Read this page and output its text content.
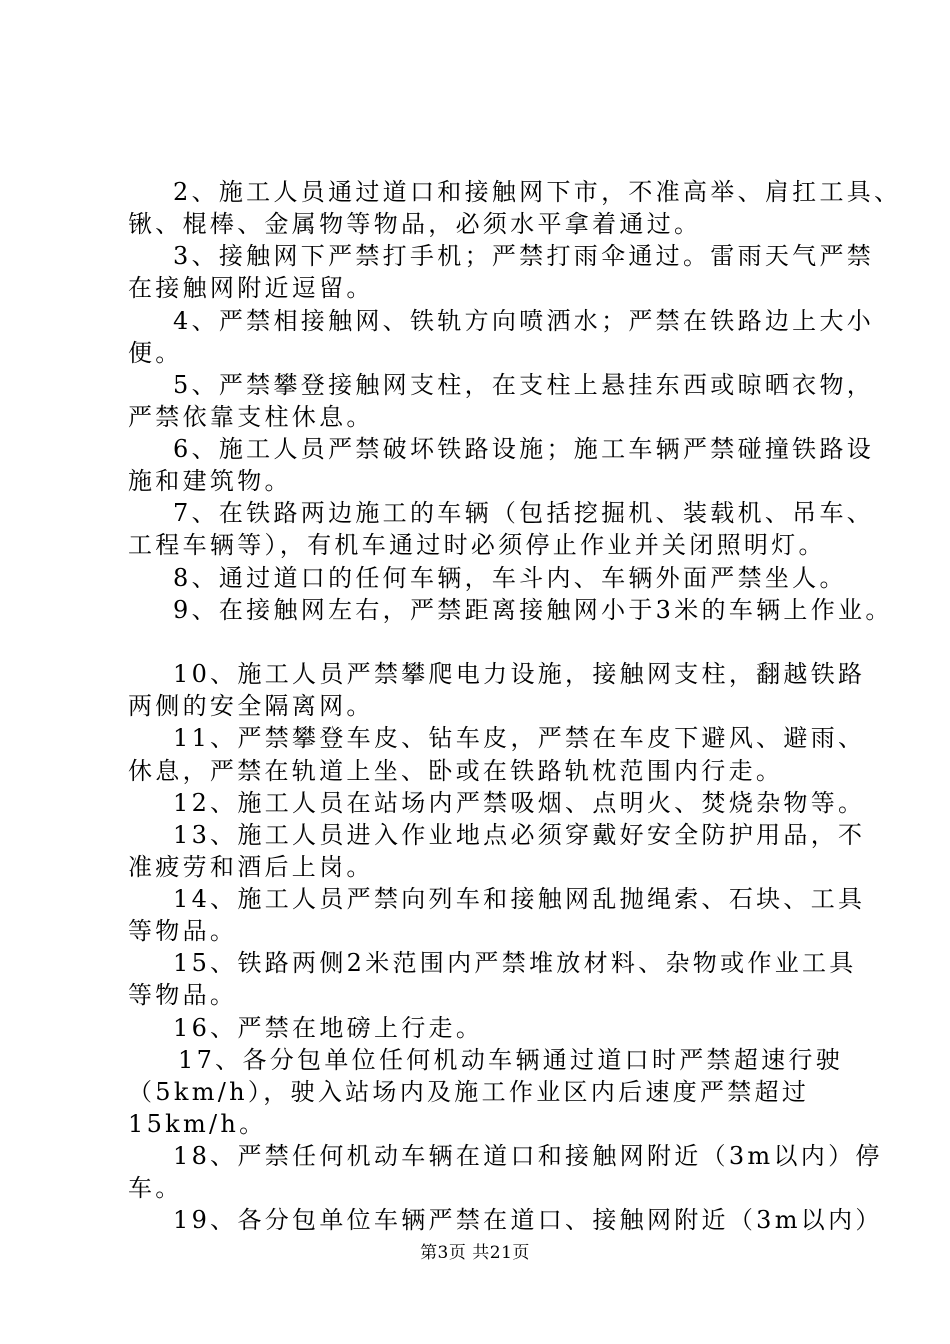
2、施工人员通过道口和接触网下市，不准高举、肩扛工具、
锹、棍棒、金属物等物品，必须水平拿着通过。
3、接触网下严禁打手机；严禁打雨伞通过。雷雨天气严禁
在接触网附近逗留。
4、严禁相接触网、铁轨方向喷洒水；严禁在铁路边上大小
便。
5、严禁攀登接触网支柱，在支柱上悬挂东西或晾晒衣物，
严禁依靠支柱休息。
6、施工人员严禁破坏铁路设施；施工车辆严禁碰撞铁路设
施和建筑物。
7、在铁路两边施工的车辆（包括挖掘机、装载机、吊车、
工程车辆等），有机车通过时必须停止作业并关闭照明灯。
8、通过道口的任何车辆，车斗内、车辆外面严禁坐人。
9、在接触网左右，严禁距离接触网小于3米的车辆上作业。
10、施工人员严禁攀爬电力设施，接触网支柱，翻越铁路
两侧的安全隔离网。
11、严禁攀登车皮、钻车皮，严禁在车皮下避风、避雨、
休息，严禁在轨道上坐、卧或在铁路轨枕范围内行走。
12、施工人员在站场内严禁吸烟、点明火、焚烧杂物等。
13、施工人员进入作业地点必须穿戴好安全防护用品，不
准疲劳和酒后上岗。
14、施工人员严禁向列车和接触网乱抛绳索、石块、工具
等物品。
15、铁路两侧2米范围内严禁堆放材料、杂物或作业工具
等物品。
16、严禁在地磅上行走。
17、各分包单位任何机动车辆通过道口时严禁超速行驶
（5km/h），驶入站场内及施工作业区内后速度严禁超过
15km/h。
18、严禁任何机动车辆在道口和接触网附近（3m以内）停
车。
19、各分包单位车辆严禁在道口、接触网附近（3m以内）
第3页 共21页
